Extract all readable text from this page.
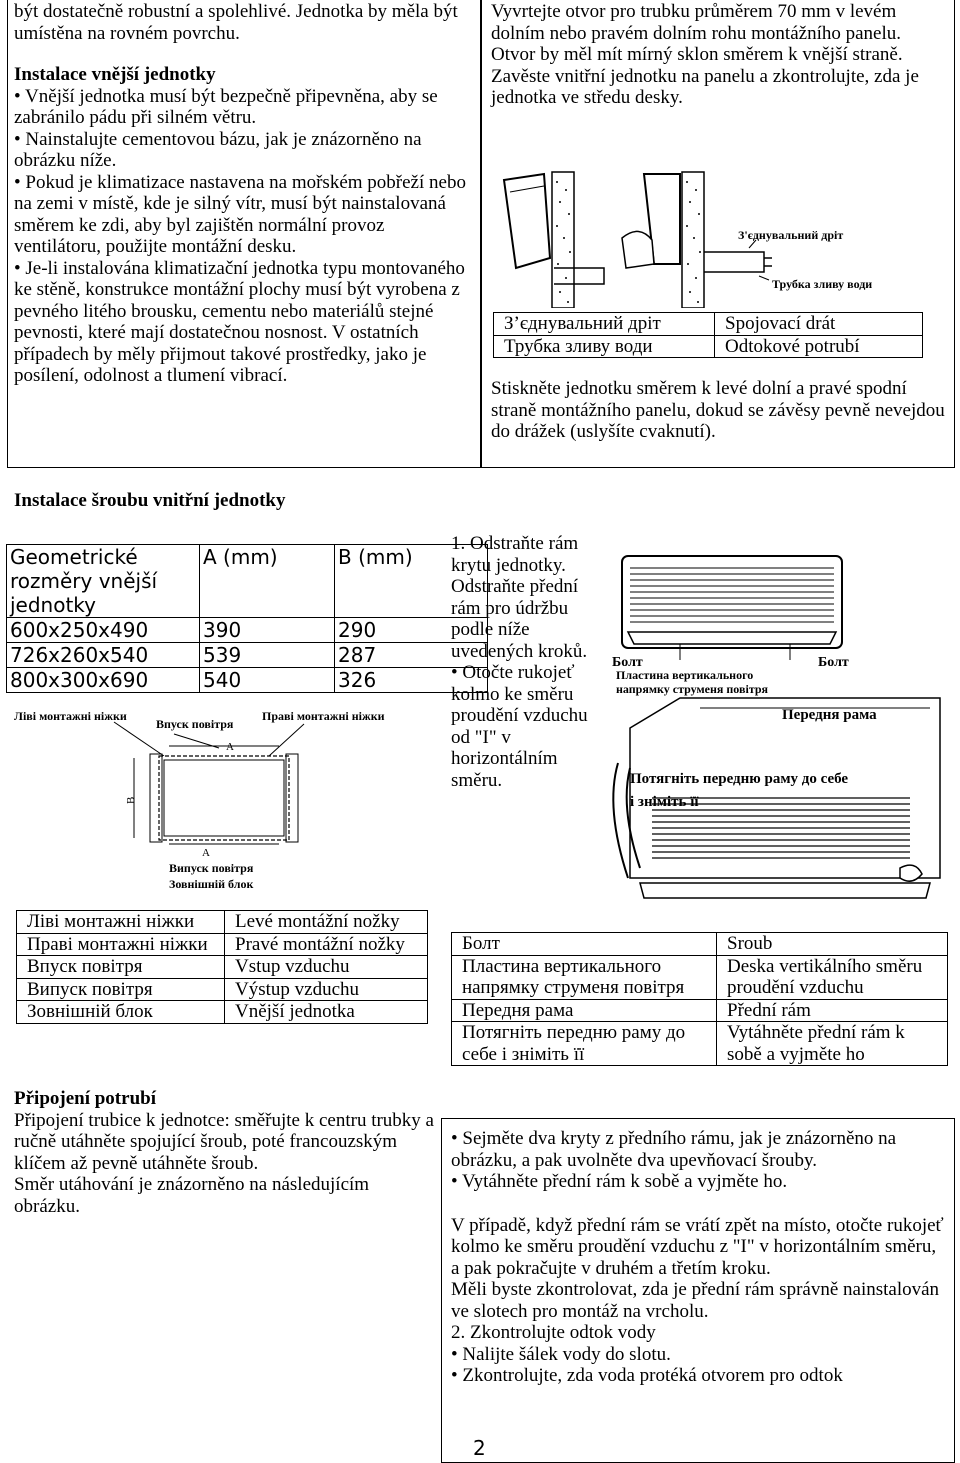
být dostatečně robustní a spolehlivé. Jednotka by měla být umístěna na rovném povrchu.

Instalace vnější jednotky

• Vnější jednotka musí být bezpečně připevněna, aby se zabránilo pádu při silném větru.

• Nainstalujte cementovou bázu, jak je znázorněno na obrázku níže.

• Pokud je klimatizace nastavena na mořském pobřeží nebo na zemi v místě, kde je silný vítr, musí být nainstalovaná směrem ke zdi, aby byl zajištěn normální provoz ventilátoru, použijte montážní desku.

• Je-li instalována klimatizační jednotka typu montovaného ke stěně, konstrukce montážní plochy musí být vyrobena z pevného litého brousku, cementu nebo materiálů stejné pevnosti, které mají dostatečnou nosnost. V ostatních případech by měly přijmout takové prostředky, jako je posílení, odolnost a tlumení vibrací.

Vyvrtejte otvor pro trubku průměrem 70 mm v levém dolním nebo pravém dolním rohu montážního panelu.

Otvor by měl mít mírný sklon směrem k vnější straně.

Zavěste vnitřní jednotku na panelu a zkontrolujte, zda je jednotka ve středu desky.

З'єднувальний дріт
Трубка зливу води
З’єднувальний дріт	Spojovací drát
Трубка зливу води	Odtokové potrubí
Stiskněte jednotku směrem k levé dolní a pravé spodní straně montážního panelu, dokud se závěsy pevně nevejdou do drážek (uslyšíte cvaknutí).
Instalace šroubu vnitřní jednotky
Geometrické rozměry vnější jednotky	A (mm)	B (mm)
600x250x490	390	290
726x260x540	539	287
800x300x690	540	326
Ліві монтажні ніжки
Впуск повітря
Праві монтажні ніжки
A
B
A
Випуск повітря
Зовнішній блок
Ліві монтажні ніжки	Levé montážní nožky
Праві монтажні ніжки	Pravé montážní nožky
Впуск повітря	Vstup vzduchu
Випуск повітря	Výstup vzduchu
Зовнішній блок	Vnější jednotka

Připojení potrubí

Připojení trubice k jednotce: směřujte k centru trubky a ručně utáhněte spojující šroub, poté francouzským klíčem až pevně utáhněte šroub.

Směr utáhování je znázorněno na následujícím obrázku.

1. Odstraňte rám krytu jednotky. Odstraňte přední rám pro údržbu podle níže uvedených kroků.
• Otočte rukojeť kolmo ke směru proudění vzduchu od "I" v horizontálním směru.
Болт	Болт
Пластина вертикального
напрямку струменя повітря
Передня рама
Потягніть передню раму до себе
і зніміть її
Болт	Sroub
Пластина вертикального напрямку струменя повітря	Deska vertikálního směru proudění vzduchu
Передня рама	Přední rám
Потягніть передню раму до себе і зніміть її	Vytáhněte přední rám k sobě a vyjměte ho

• Sejměte dva kryty z předního rámu, jak je znázorněno na obrázku, a pak uvolněte dva upevňovací šrouby.

• Vytáhněte přední rám k sobě a vyjměte ho.

V případě, když přední rám se vrátí zpět na místo, otočte rukojeť kolmo ke směru proudění vzduchu z "I" v horizontálním směru, a pak pokračujte v druhém a třetím kroku.

Měli byste zkontrolovat, zda je přední rám správně nainstalován ve slotech pro montáž na vrcholu.

2. Zkontrolujte odtok vody

• Nalijte šálek vody do slotu.

• Zkontrolujte, zda voda protéká otvorem pro odtok

2
